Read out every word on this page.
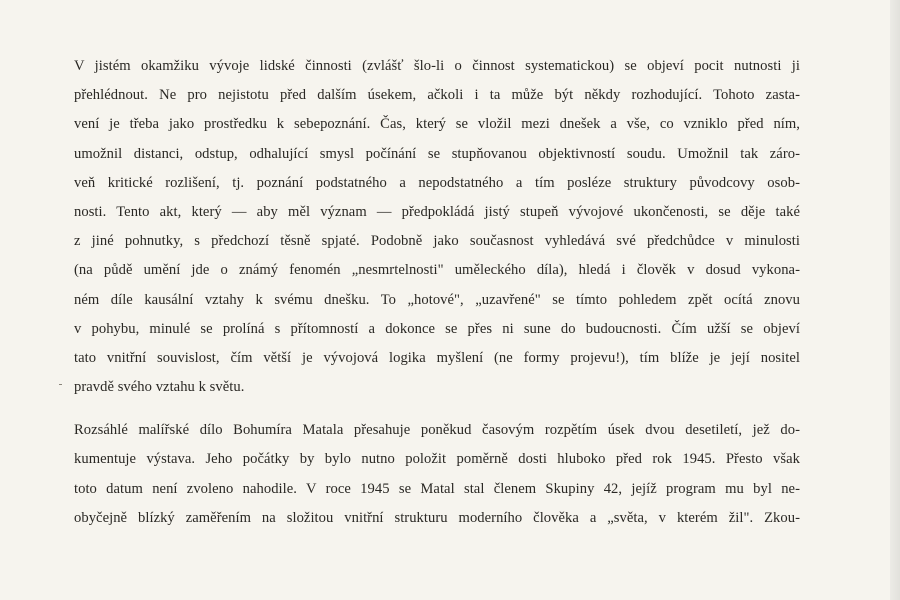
V jistém okamžiku vývoje lidské činnosti (zvlášť šlo-li o činnost systematickou) se objeví pocit nutnosti ji
přehlédnout. Ne pro nejistotu před dalším úsekem, ačkoli i ta může být někdy rozhodující. Tohoto zasta-
vení je třeba jako prostředku k sebepoznání. Čas, který se vložil mezi dnešek a vše, co vzniklo před ním,
umožnil distanci, odstup, odhalující smysl počínání se stupňovanou objektivností soudu. Umožnil tak záro-
veň kritické rozlišení, tj. poznání podstatného a nepodstatného a tím posléze struktury původcovy osob-
nosti. Tento akt, který — aby měl význam — předpokládá jistý stupeň vývojové ukončenosti, se děje také
z jiné pohnutky, s předchozí těsně spjaté. Podobně jako současnost vyhledává své předchůdce v minulosti
(na půdě umění jde o známý fenomén „nesmrtelnosti" uměleckého díla), hledá i člověk v dosud vykona-
ném díle kausální vztahy k svému dnešku. To „hotové", „uzavřené" se tímto pohledem zpět ocítá znovu
v pohybu, minulé se prolíná s přítomností a dokonce se přes ni sune do budoucnosti. Čím užší se objeví
tato vnitřní souvislost, čím větší je vývojová logika myšlení (ne formy projevu!), tím blíže je její nositel
pravdě svého vztahu k světu.
Rozsáhlé malířské dílo Bohumíra Matala přesahuje poněkud časovým rozpětím úsek dvou desetiletí, jež do-
kumentuje výstava. Jeho počátky by bylo nutno položit poměrně dosti hluboko před rok 1945. Přesto však
toto datum není zvoleno nahodile. V roce 1945 se Matal stal členem Skupiny 42, jejíž program mu byl ne-
obyčejně blízký zaměřením na složitou vnitřní strukturu moderního člověka a „světa, v kterém žil". Zkou-
